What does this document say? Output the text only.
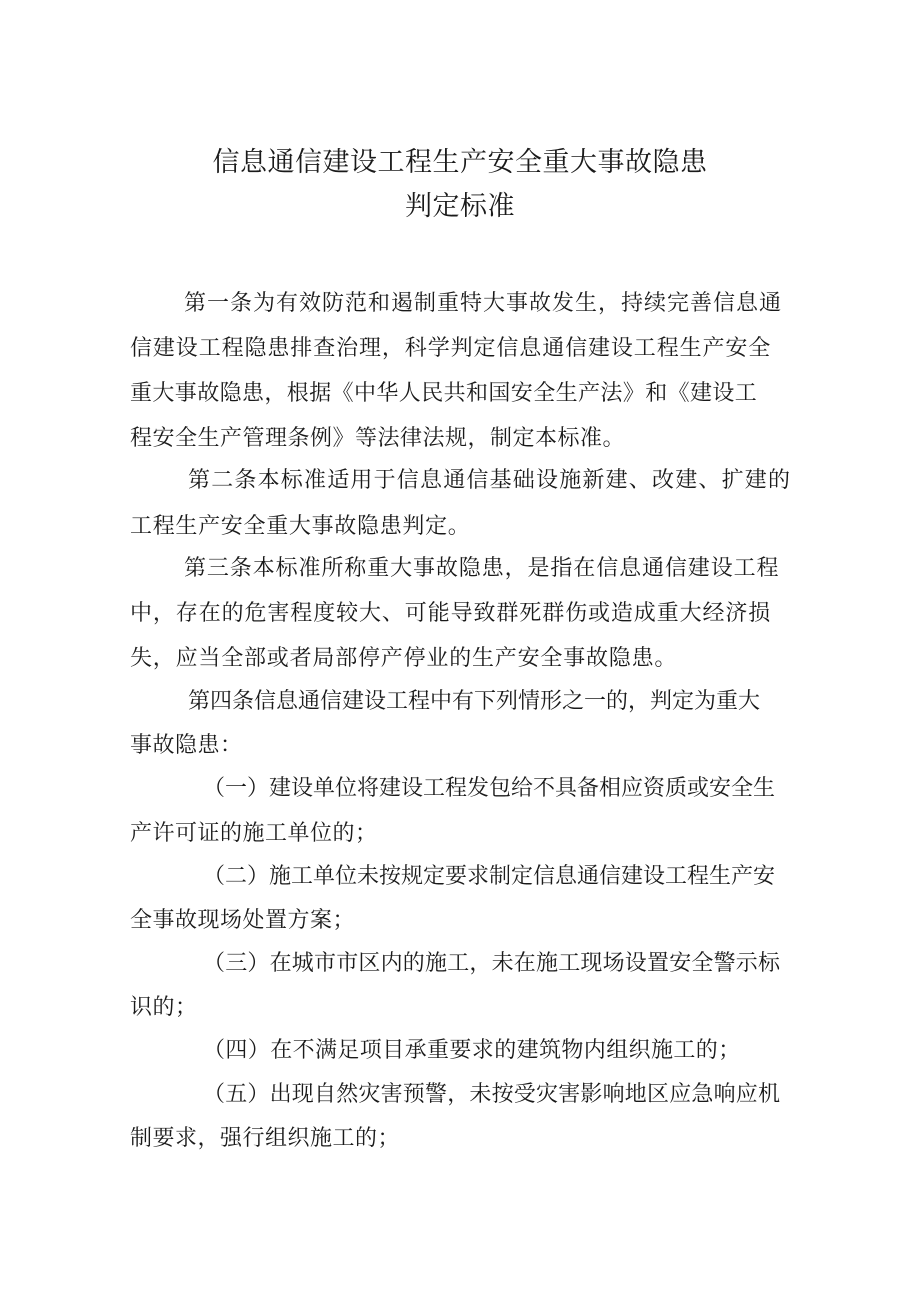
信息通信建设工程生产安全重大事故隐患
判定标准
第一条为有效防范和遏制重特大事故发生，持续完善信息通
信建设工程隐患排查治理，科学判定信息通信建设工程生产安全
重大事故隐患，根据《中华人民共和国安全生产法》和《建设工
程安全生产管理条例》等法律法规，制定本标准。
第二条本标准适用于信息通信基础设施新建、改建、扩建的
工程生产安全重大事故隐患判定。
第三条本标准所称重大事故隐患，是指在信息通信建设工程
中，存在的危害程度较大、可能导致群死群伤或造成重大经济损
失，应当全部或者局部停产停业的生产安全事故隐患。
第四条信息通信建设工程中有下列情形之一的，判定为重大
事故隐患：
（一）建设单位将建设工程发包给不具备相应资质或安全生
产许可证的施工单位的；
（二）施工单位未按规定要求制定信息通信建设工程生产安
全事故现场处置方案；
（三）在城市市区内的施工，未在施工现场设置安全警示标
识的；
（四）在不满足项目承重要求的建筑物内组织施工的；
（五）出现自然灾害预警，未按受灾害影响地区应急响应机
制要求，强行组织施工的；
